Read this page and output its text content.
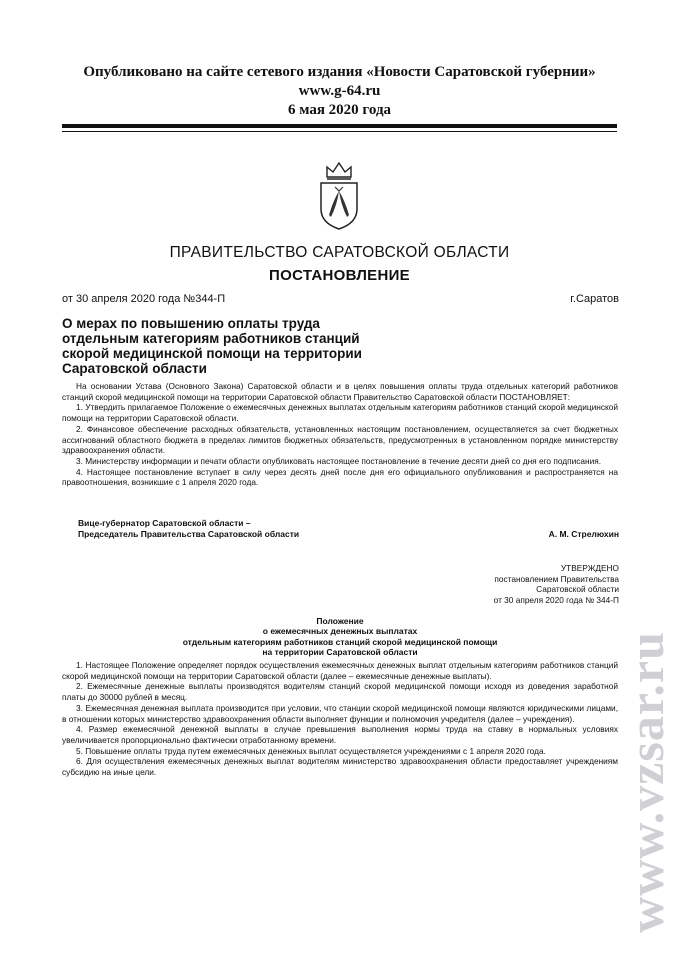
Опубликовано на сайте сетевого издания «Новости Саратовской губернии»
www.g-64.ru
6 мая 2020 года
ПРАВИТЕЛЬСТВО САРАТОВСКОЙ ОБЛАСТИ
ПОСТАНОВЛЕНИЕ
от 30 апреля 2020 года №344-П	г.Саратов
О мерах по повышению оплаты труда отдельным категориям работников станций скорой медицинской помощи на территории Саратовской области

На основании Устава (Основного Закона) Саратовской области и в целях повышения оплаты труда отдельных категорий работников станций скорой медицинской помощи на территории Саратовской области Правительство Саратовской области ПОСТАНОВЛЯЕТ:

1. Утвердить прилагаемое Положение о ежемесячных денежных выплатах отдельным категориям работников станций скорой медицинской помощи на территории Саратовской области.

2. Финансовое обеспечение расходных обязательств, установленных настоящим постановлением, осуществляется за счет бюджетных ассигнований областного бюджета в пределах лимитов бюджетных обязательств, предусмотренных в установленном порядке министерству здравоохранения области.

3. Министерству информации и печати области опубликовать настоящее постановление в течение десяти дней со дня его подписания.

4. Настоящее постановление вступает в силу через десять дней после дня его официального опубликования и распространяется на правоотношения, возникшие с 1 апреля 2020 года.

Вице-губернатор Саратовской области –
Председатель Правительства Саратовской области	А. М. Стрелюхин
УТВЕРЖДЕНО
постановлением Правительства
Саратовской области
от 30 апреля 2020 года № 344-П
Положение
о ежемесячных денежных выплатах
отдельным категориям работников станций скорой медицинской помощи
на территории Саратовской области

1. Настоящее Положение определяет порядок осуществления ежемесячных денежных выплат отдельным категориям работников станций скорой медицинской помощи на территории Саратовской области (далее – ежемесячные денежные выплаты).

2. Ежемесячные денежные выплаты производятся водителям станций скорой медицинской помощи исходя из доведения заработной платы до 30000 рублей в месяц.

3. Ежемесячная денежная выплата производится при условии, что станции скорой медицинской помощи являются юридическими лицами, в отношении которых министерство здравоохранения области выполняет функции и полномочия учредителя (далее – учреждения).

4. Размер ежемесячной денежной выплаты в случае превышения выполнения нормы труда на ставку в нормальных условиях увеличивается пропорционально фактически отработанному времени.

5. Повышение оплаты труда путем ежемесячных денежных выплат осуществляется учреждениями с 1 апреля 2020 года.

6. Для осуществления ежемесячных денежных выплат водителям министерство здравоохранения области предоставляет учреждениям субсидию на иные цели.	www.vzsar.ru
